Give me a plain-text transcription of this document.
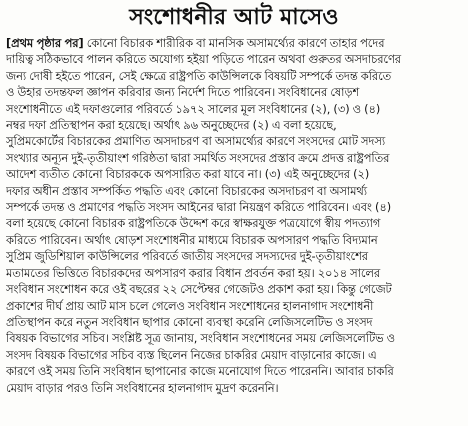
সংশোধনীর আট মাসেও
[প্রথম পৃষ্ঠার পর] কোনো বিচারক শারীরিক বা মানসিক অসামর্থ্যের কারণে তাহার পদের
দায়িত্ব সঠিকভাবে পালন করিতে অযোগ্য হইয়া পড়িতে পারেন অথবা গুরুতর অসদাচরণের
জন্য দোষী হইতে পারেন, সেই ক্ষেত্রে রাষ্ট্রপতি কাউন্সিলকে বিষয়টি সম্পর্কে তদন্ত করিতে
ও উহার তদন্তফল জ্ঞাপন করিবার জন্য নির্দেশ দিতে পারিবেন। সংবিধানের ষোড়শ
সংশোধনীতে এই দফাগুলোর পরিবর্তে ১৯৭২ সালের মূল সংবিধানের (২), (৩) ও (৪)
নম্বর দফা প্রতিস্থাপন করা হয়েছে। অর্থাৎ ৯৬ অনুচ্ছেদের (২) এ বলা হয়েছে,
সুপ্রিমকোর্টের বিচারকের প্রমাণিত অসদাচরণ বা অসামর্থ্যের কারণে সংসদের মোট সদস্য
সংখ্যার অন্যূন দুই-তৃতীয়াংশ গরিষ্ঠতা দ্বারা সমর্থিত সংসদের প্রস্তাব ক্রমে প্রদত্ত রাষ্ট্রপতির
আদেশ ব্যতীত কোনো বিচারককে অপসারিত করা যাবে না। (৩) এই অনুচ্ছেদের (২)
দফার অধীন প্রস্তাব সম্পর্কিত পদ্ধতি এবং কোনো বিচারকের অসদাচরণ বা অসামর্থ্য
সম্পর্কে তদন্ত ও প্রমাণের পদ্ধতি সংসদ আইনের দ্বারা নিয়ন্ত্রণ করিতে পারিবেন। এবং (৪)
বলা হয়েছে কোনো বিচারক রাষ্ট্রপতিকে উদ্দেশ করে স্বাক্ষরযুক্ত পত্রযোগে স্বীয় পদত্যাগ
করিতে পারিবেন। অর্থাৎ ষোড়শ সংশোধনীর মাধ্যমে বিচারক অপসারণ পদ্ধতি বিদ্যমান
সুপ্রিম জুডিশিয়াল কাউন্সিলের পরিবর্তে জাতীয় সংসদের সদস্যদের দুই-তৃতীয়াংশের
মতামতের ভিত্তিতে বিচারকদের অপসারণ করার বিধান প্রবর্তন করা হয়। ২০১৪ সালের
সংবিধান সংশোধন করে ওই বছরের ২২ সেপ্টেম্বর গেজেটও প্রকাশ করা হয়। কিন্তু গেজেট
প্রকাশের দীর্ঘ প্রায় আট মাস চলে গেলেও সংবিধান সংশোধনের হালনাগাদ সংশোধনী
প্রতিস্থাপন করে নতুন সংবিধান ছাপার কোনো ব্যবস্থা করেনি লেজিসলেটিভ ও সংসদ
বিষয়ক বিভাগের সচিব। সংশ্লিষ্ট সূত্র জানায়, সংবিধান সংশোধনের সময় লেজিসলেটিভ ও
সংসদ বিষয়ক বিভাগের সচিব ব্যস্ত ছিলেন নিজের চাকরির মেয়াদ বাড়ানোর কাজে। এ
কারণে ওই সময় তিনি সংবিধান ছাপানোর কাজে মনোযোগ দিতে পারেননি। আবার চাকরি
মেয়াদ বাড়ার পরও তিনি সংবিধানের হালনাগাদ মুদ্রণ করেননি।
